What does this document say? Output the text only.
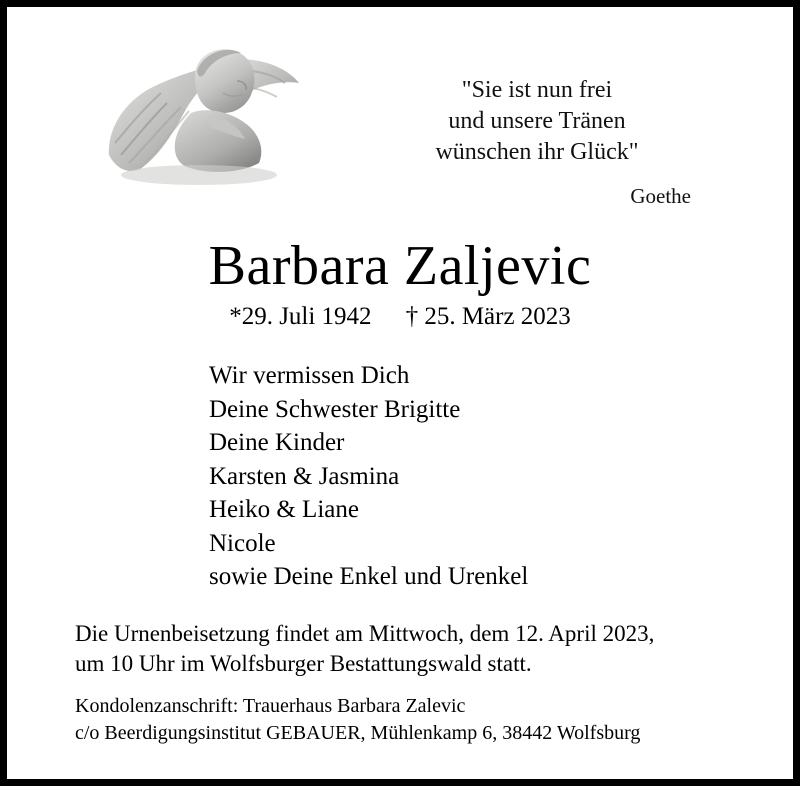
"Sie ist nun frei
und unsere Tränen
wünschen ihr Glück"
Goethe
Barbara Zaljevic
*29. Juli 1942 † 25. März 2023
Wir vermissen Dich
Deine Schwester Brigitte
Deine Kinder
Karsten & Jasmina
Heiko & Liane
Nicole
sowie Deine Enkel und Urenkel
Die Urnenbeisetzung findet am Mittwoch, dem 12. April 2023,
um 10 Uhr im Wolfsburger Bestattungswald statt.
Kondolenzanschrift: Trauerhaus Barbara Zalevic
c/o Beerdigungsinstitut GEBAUER, Mühlenkamp 6, 38442 Wolfsburg
